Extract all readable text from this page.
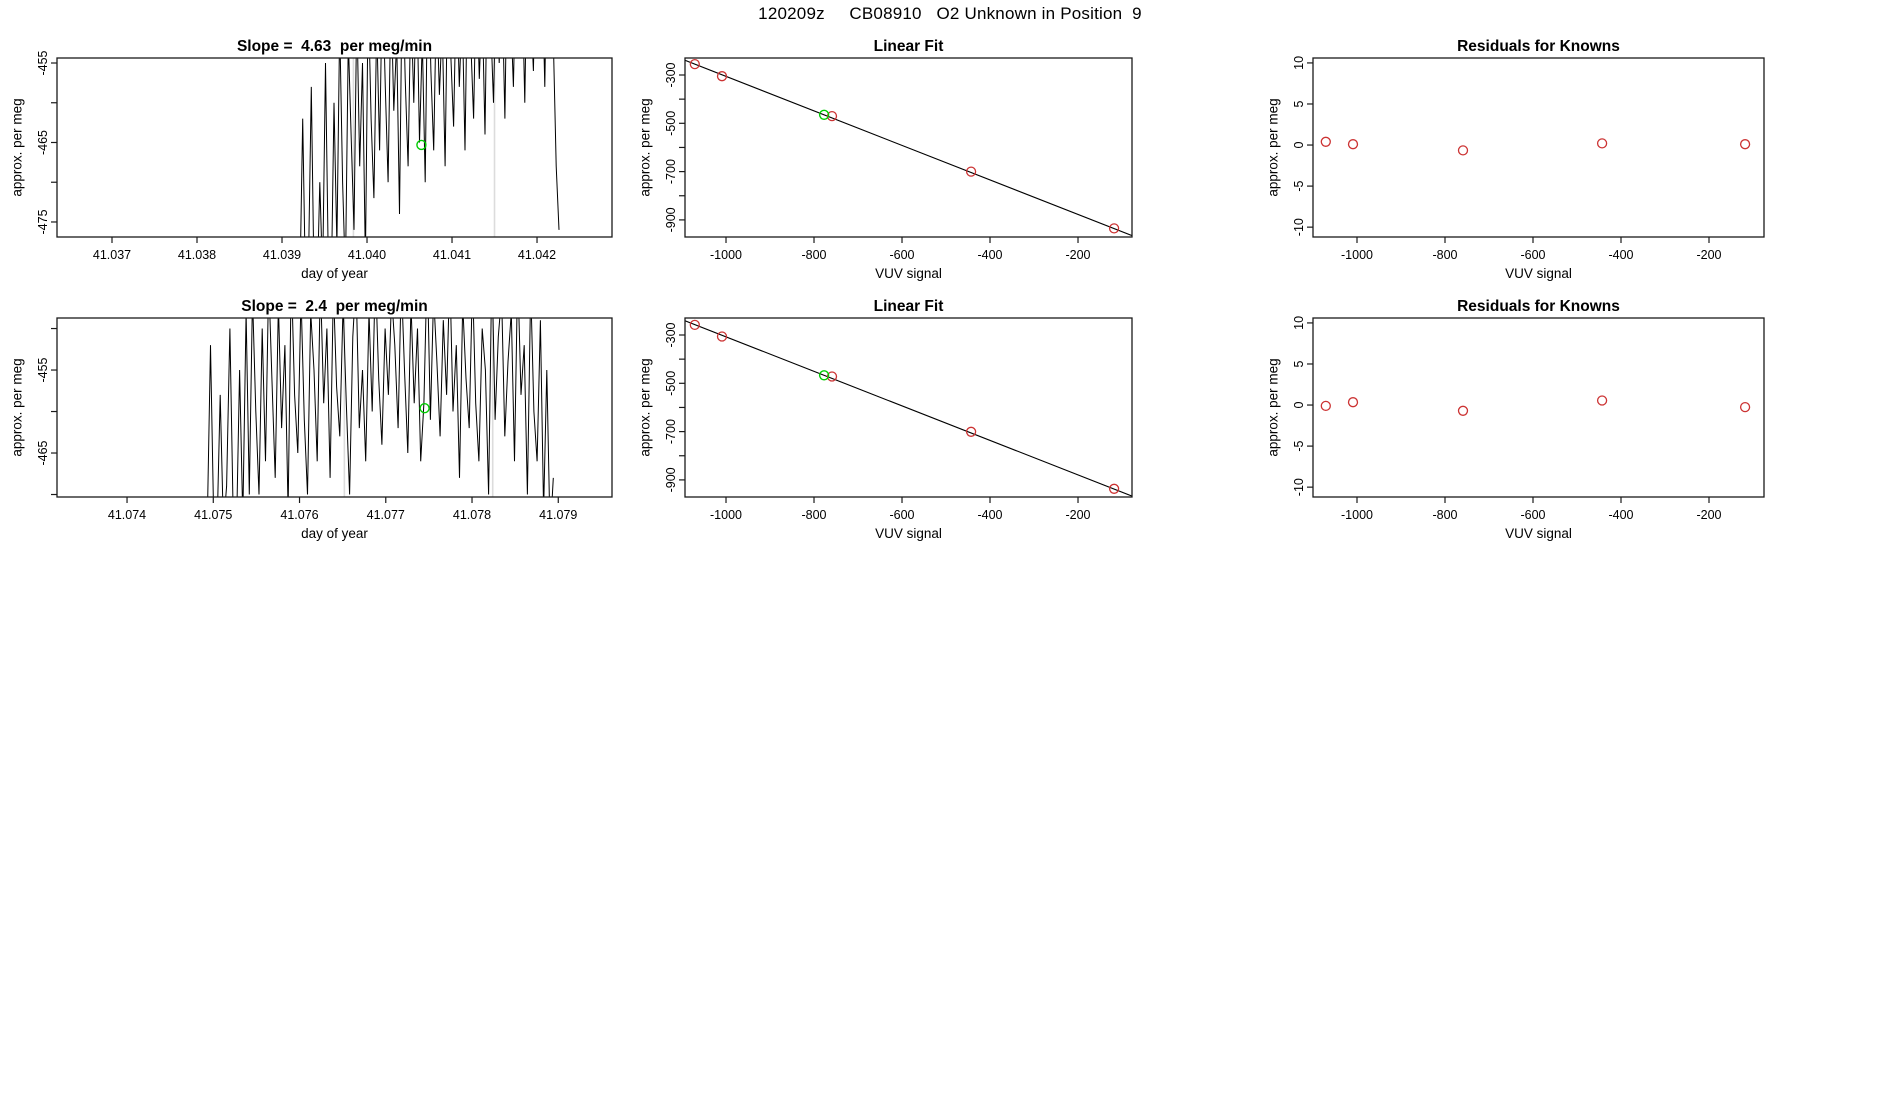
120209z     CB08910   O2 Unknown in Position  9
41.037	41.038	41.039	41.040	41.041	41.042
-455
-465
-475
day of year
approx. per meg
Slope =  4.63  per meg/min
-1000	-800	-600	-400	-200
-300
-500
-700
-900
VUV signal
approx. per meg
Linear Fit
-1000	-800	-600	-400	-200
10
5
0
-5
-10
VUV signal
approx. per meg
Residuals for Knowns
41.074	41.075	41.076	41.077	41.078	41.079
-455
-465
day of year
approx. per meg
Slope =  2.4  per meg/min
-1000	-800	-600	-400	-200
-300
-500
-700
-900
VUV signal
approx. per meg
Linear Fit
-1000	-800	-600	-400	-200
10
5
0
-5
-10
VUV signal
approx. per meg
Residuals for Knowns
